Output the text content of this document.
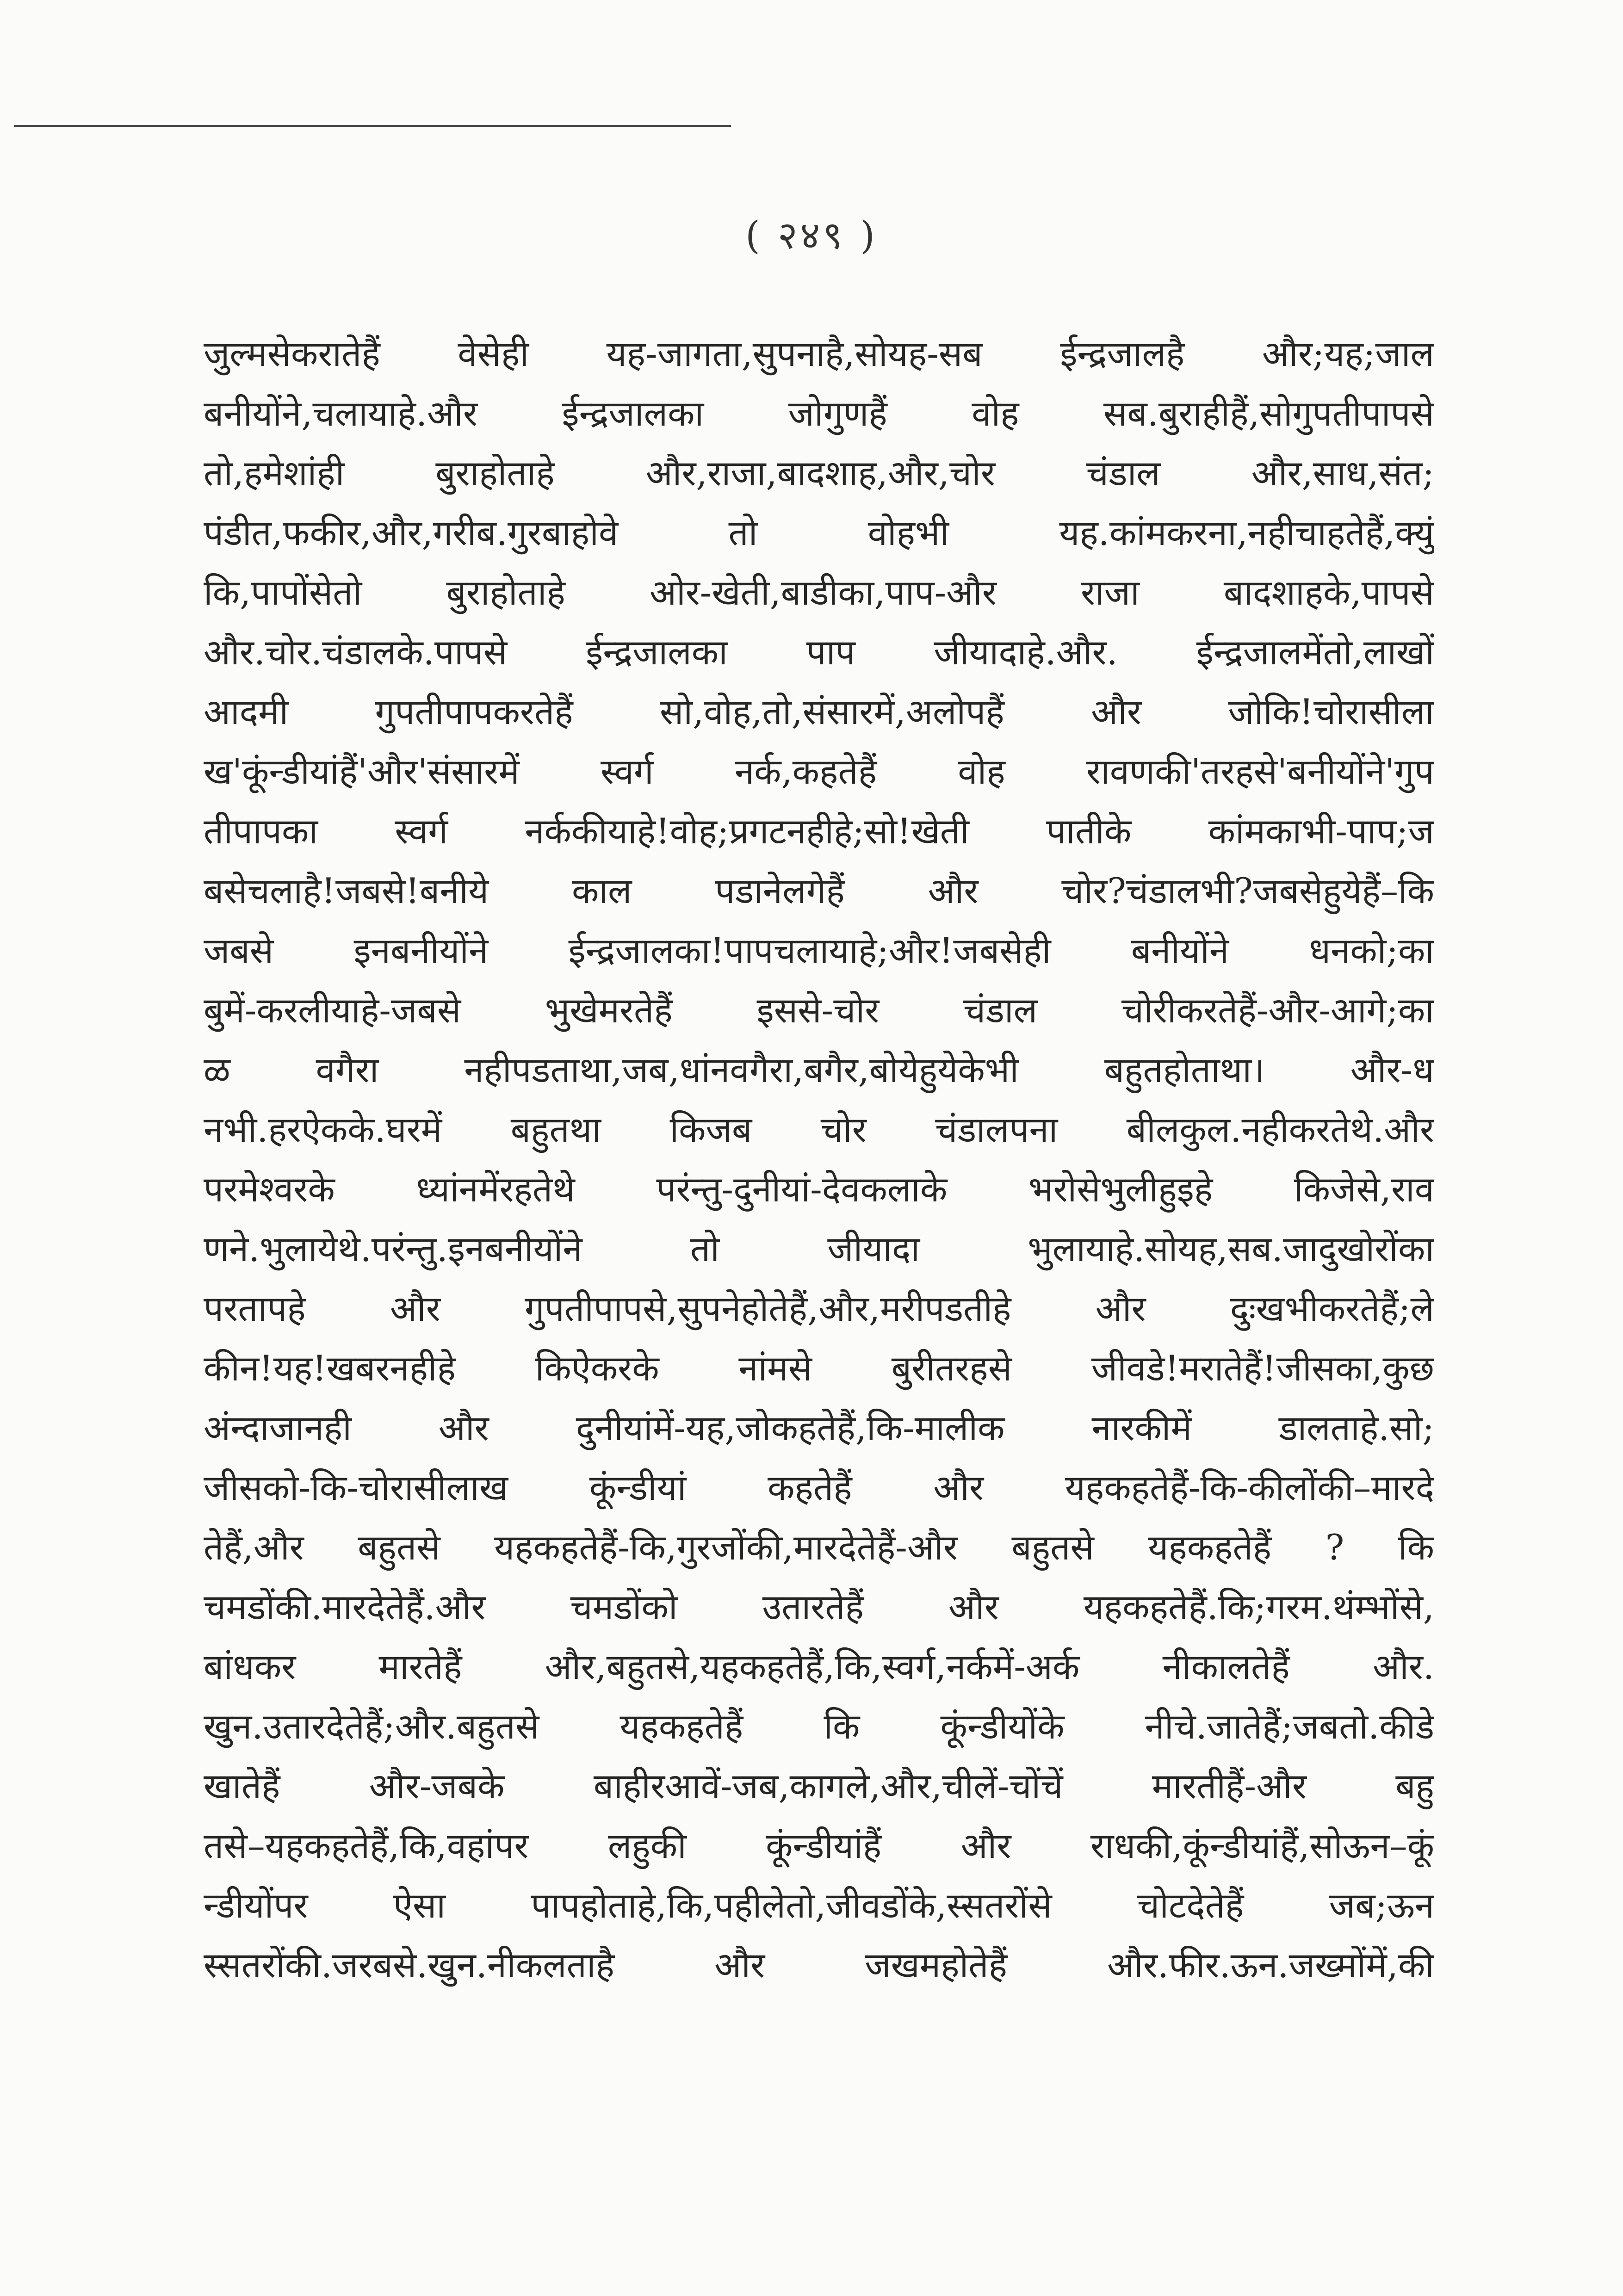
( २४९ )
जुल्मसेकरातेहैं वेसेही यह-जागता,सुपनाहै,सोयह-सब ईन्द्रजालहै और;यह;जाल
बनीयोंने,चलायाहे.और ईन्द्रजालका जोगुणहैं वोह सब.बुराहीहैं,सोगुपतीपापसे
तो,हमेशांही बुराहोताहे और,राजा,बादशाह,और,चोर चंडाल और,साध,संत;
पंडीत,फकीर,और,गरीब.गुरबाहोवे तो वोहभी यह.कांमकरना,नहीचाहतेहैं,क्युं
कि,पापोंसेतो बुराहोताहे ओर-खेती,बाडीका,पाप-और राजा बादशाहके,पापसे
और.चोर.चंडालके.पापसे ईन्द्रजालका पाप जीयादाहे.और. ईन्द्रजालमेंतो,लाखों
आदमी गुपतीपापकरतेहैं सो,वोह,तो,संसारमें,अलोपहैं और जोकि!चोरासीला
ख'कूंन्डीयांहैं'और'संसारमें स्वर्ग नर्क,कहतेहैं वोह रावणकी'तरहसे'बनीयोंने'गुप
तीपापका स्वर्ग नर्ककीयाहे!वोह;प्रगटनहीहे;सो!खेती पातीके कांमकाभी-पाप;ज
बसेचलाहै!जबसे!बनीये काल पडानेलगेहैं और चोर?चंडालभी?जबसेहुयेहैं–कि
जबसे इनबनीयोंने ईन्द्रजालका!पापचलायाहे;और!जबसेही बनीयोंने धनको;का
बुमें-करलीयाहे-जबसे भुखेमरतेहैं इससे-चोर चंडाल चोरीकरतेहैं-और-आगे;का
ळ वगैरा नहीपडताथा,जब,धांनवगैरा,बगैर,बोयेहुयेकेभी बहुतहोताथा। और-ध
नभी.हरऐकके.घरमें बहुतथा किजब चोर चंडालपना बीलकुल.नहीकरतेथे.और
परमेश्वरके ध्यांनमेंरहतेथे परंन्तु-दुनीयां-देवकलाके भरोसेभुलीहुइहे किजेसे,राव
णने.भुलायेथे.परंन्तु.इनबनीयोंने तो जीयादा भुलायाहे.सोयह,सब.जादुखोरोंका
परतापहे और गुपतीपापसे,सुपनेहोतेहैं,और,मरीपडतीहे और दुःखभीकरतेहैं;ले
कीन!यह!खबरनहीहे किऐकरके नांमसे बुरीतरहसे जीवडे!मरातेहैं!जीसका,कुछ
अंन्दाजानही और दुनीयांमें-यह,जोकहतेहैं,कि-मालीक नारकीमें डालताहे.सो;
जीसको-कि-चोरासीलाख कूंन्डीयां कहतेहैं और यहकहतेहैं-कि-कीलोंकी–मारदे
तेहैं,और बहुतसे यहकहतेहैं-कि,गुरजोंकी,मारदेतेहैं-और बहुतसे यहकहतेहैं ? कि
चमडोंकी.मारदेतेहैं.और चमडोंको उतारतेहैं और यहकहतेहैं.कि;गरम.थंम्भोंसे,
बांधकर मारतेहैं और,बहुतसे,यहकहतेहैं,कि,स्वर्ग,नर्कमें-अर्क नीकालतेहैं और.
खुन.उतारदेतेहैं;और.बहुतसे यहकहतेहैं कि कूंन्डीयोंके नीचे.जातेहैं;जबतो.कीडे
खातेहैं और-जबके बाहीरआवें-जब,कागले,और,चीलें-चोंचें मारतीहैं-और बहु
तसे–यहकहतेहैं,कि,वहांपर लहुकी कूंन्डीयांहैं और राधकी,कूंन्डीयांहैं,सोऊन–कूं
न्डीयोंपर ऐसा पापहोताहे,कि,पहीलेतो,जीवडोंके,स्सतरोंसे चोटदेतेहैं जब;ऊन
स्सतरोंकी.जरबसे.खुन.नीकलताहै और जखमहोतेहैं और.फीर.ऊन.जख्मोंमें,की
